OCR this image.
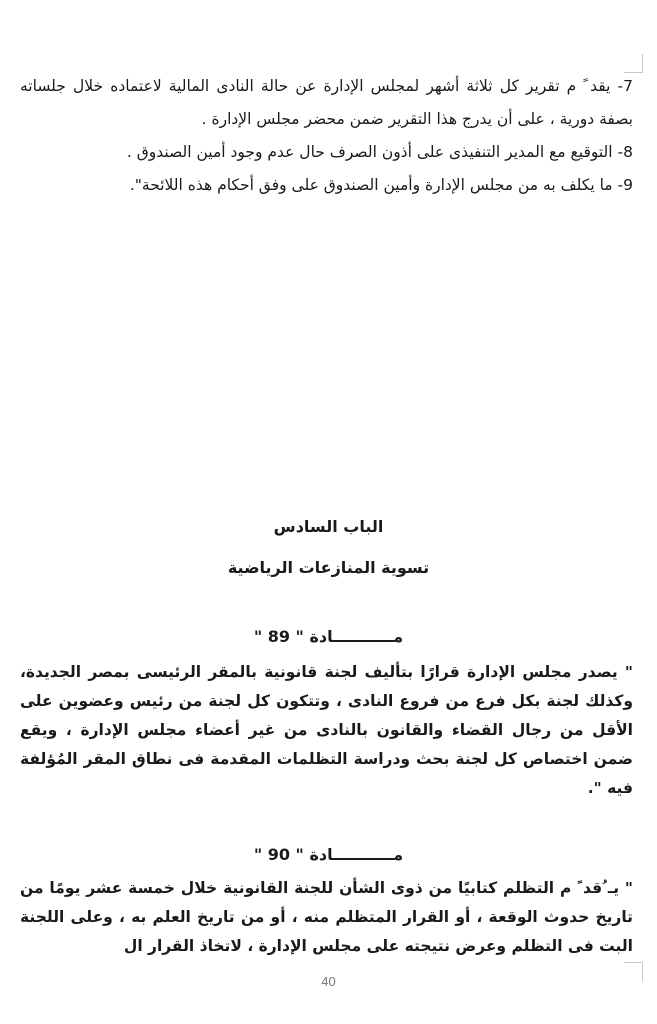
7- يقد ً م تقرير كل ثلاثة أشهر لمجلس الإدارة عن حالة النادى المالية لاعتماده خلال جلساته بصفة دورية ، على أن يدرج هذا التقرير ضمن محضر مجلس الإدارة .
8- التوقيع مع المدير التنفيذى على أذون الصرف حال عدم وجود أمين الصندوق .
9- ما يكلف به من مجلس الإدارة وأمين الصندوق على وفق أحكام هذه اللائحة".
الباب السادس
تسوية المنازعات الرياضية
مـــــــــــادة " 89 "
" يصدر مجلس الإدارة قرارًا بتأليف لجنة قانونية بالمقر الرئيسى بمصر الجديدة، وكذلك لجنة بكل فرع من فروع النادى ، وتتكون كل لجنة من رئيس وعضوين على الأقل من رجال القضاء والقانون بالنادى من غير أعضاء مجلس الإدارة ، ويقع ضمن اختصاص كل لجنة بحث ودراسة التظلمات المقدمة فى نطاق المقر المُؤلفة فيه ".
مـــــــــــادة " 90 "
" يـ ُقد ً م التظلم كتابيًا من ذوى الشأن للجنة القانونية خلال خمسة عشر يومًا من تاريخ حدوث الوقعة ، أو القرار المتظلم منه ، أو من تاريخ العلم به ، وعلى اللجنة البت فى التظلم وعرض نتيجته على مجلس الإدارة ، لاتخاذ القرار ال
40
